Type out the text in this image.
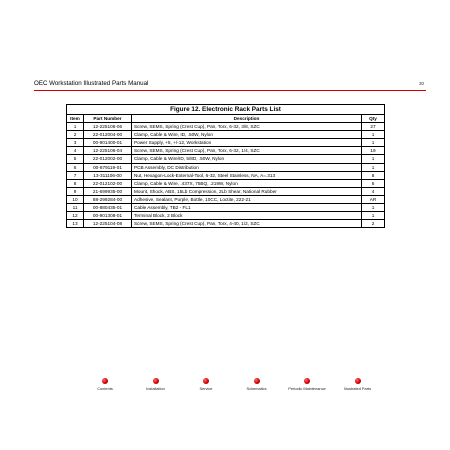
OEC Workstation Illustrated Parts Manual	30
Figure 12. Electronic Rack Parts List			
Item	Part Number	Description	Qty
1	12-225106-06	Screw, SEMS, Spring (Crest Cup), Pan, Torx, 6-32, 3/8, SZC	27
2	22-012004-00	Clamp, Cable & Wire, ID, .50W, Nylon	1
3	00-901400-01	Power Supply, +5, +/-12, Workstation	1
4	12-225106-04	Screw, SEMS, Spring (Crest Cup), Pan, Torx, 6-32, 1/4, SZC	19
5	22-012002-00	Clamp, Cable & Wire/ID, 5/8D, .50W, Nylon	1
6	00-879119-01	PCB Assembly, DC Distribution	1
7	13-311106-00	Nut, Hexagon-Lock-External-Tool, 6-32, Steel Stainless, NA, A=.313	8
8	22-012102-00	Clamp, Cable & Wire, .437X, 75BQ, .219W, Nylon	6
9	21-699935-00	Mount, Shock, ABS, 15Lb Compression, 2Lb Shear, National Rubber	4
10	88-299284-00	Adhesive, Sealant, Purple, Bottle, 10CC, Loctite, 222-21	AR
11	00-880435-01	Cable Assembly, TB2 - FL1	1
12	00-901308-01	Terminal Block, 2 Block	1
13	12-225104-08	Screw, SEMS, Spring (Crest Cup), Pan, Torx, 4-40, 1/2, SZC	2
Contents	Installation	Service	Schematics	Periodic Maintenance	Illustrated Parts
